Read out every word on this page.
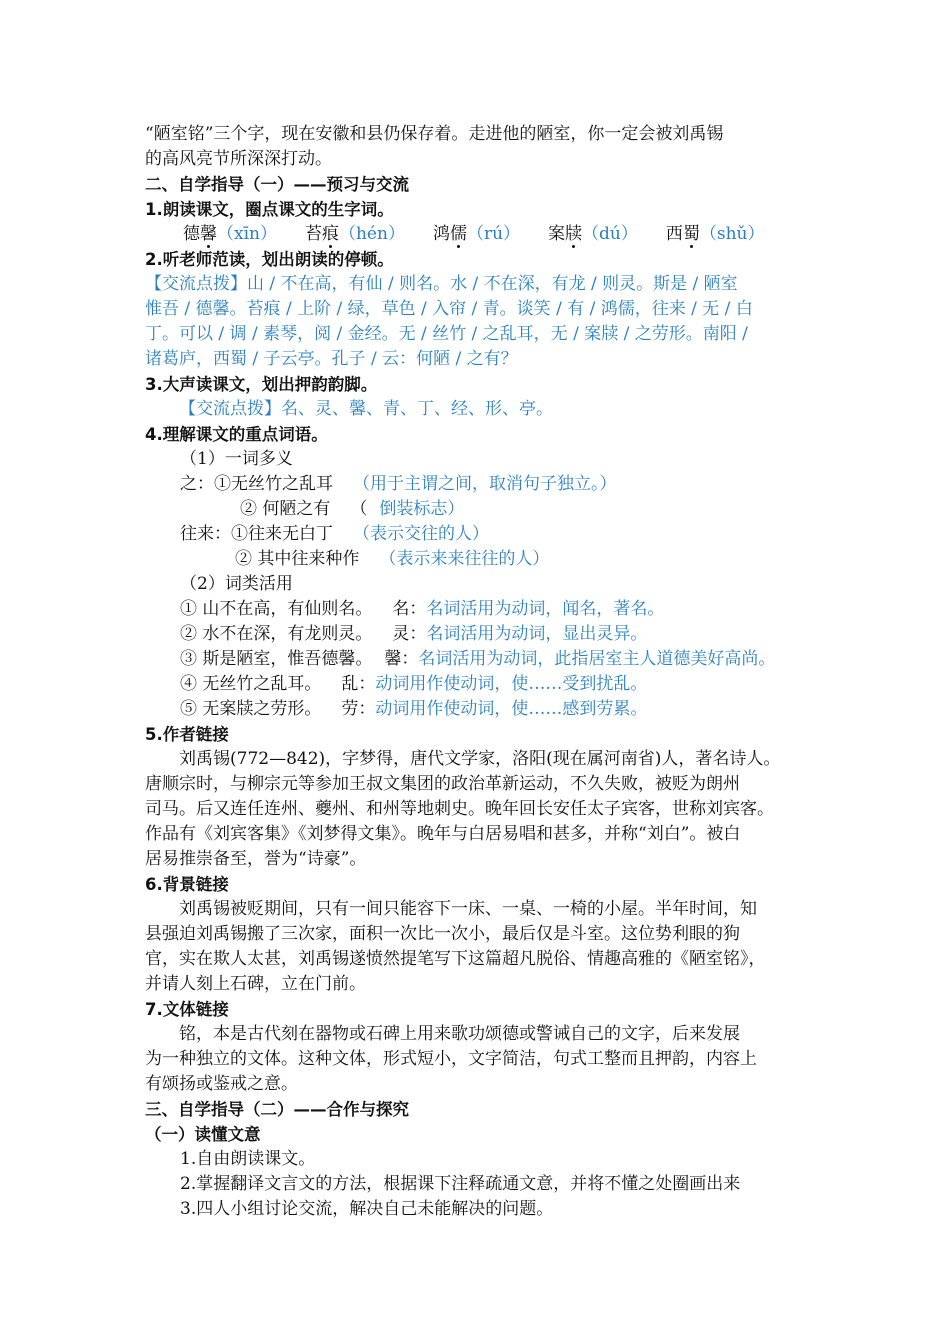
“陋室铭”三个字，现在安徽和县仍保存着。走进他的陋室，你一定会被刘禹锡

的高风亮节所深深打动。

二、自学指导（一）——预习与交流

1.朗读课文，圈点课文的生字词。

德馨（xīn） 苔痕（hén） 鸿儒（rú） 案牍（dú） 西蜀（shǔ）

2.听老师范读，划出朗读的停顿。

【交流点拨】山 / 不在高，有仙 / 则名。水 / 不在深，有龙 / 则灵。斯是 / 陋室

惟吾 / 德馨。苔痕 / 上阶 / 绿，草色 / 入帘 / 青。谈笑 / 有 / 鸿儒，往来 / 无 / 白

丁。可以 / 调 / 素琴，阅 / 金经。无 / 丝竹 / 之乱耳，无 / 案牍 / 之劳形。南阳 /

诸葛庐，西蜀 / 子云亭。孔子 / 云：何陋 / 之有？

3.大声读课文，划出押韵韵脚。

【交流点拨】名、灵、馨、青、丁、经、形、亭。

4.理解课文的重点词语。

（1）一词多义

之：①无丝竹之乱耳 （用于主谓之间，取消句子独立。）

② 何陋之有 （ 倒装标志）

往来：①往来无白丁 （表示交往的人）

② 其中往来种作 （表示来来往往的人）

（2）词类活用

① 山不在高，有仙则名。 名：名词活用为动词，闻名，著名。

② 水不在深，有龙则灵。 灵：名词活用为动词，显出灵异。

③ 斯是陋室，惟吾德馨。 馨：名词活用为动词，此指居室主人道德美好高尚。

④ 无丝竹之乱耳。 乱：动词用作使动词，使……受到扰乱。

⑤ 无案牍之劳形。 劳：动词用作使动词，使……感到劳累。

5.作者链接

刘禹锡(772—842)，字梦得，唐代文学家，洛阳(现在属河南省)人，著名诗人。

唐顺宗时，与柳宗元等参加王叔文集团的政治革新运动，不久失败，被贬为朗州

司马。后又连任连州、夔州、和州等地刺史。晚年回长安任太子宾客，世称刘宾客。

作品有《刘宾客集》《刘梦得文集》。晚年与白居易唱和甚多，并称“刘白”。被白

居易推崇备至，誉为“诗豪”。

6.背景链接

刘禹锡被贬期间，只有一间只能容下一床、一桌、一椅的小屋。半年时间，知

县强迫刘禹锡搬了三次家，面积一次比一次小，最后仅是斗室。这位势利眼的狗

官，实在欺人太甚，刘禹锡遂愤然提笔写下这篇超凡脱俗、情趣高雅的《陋室铭》，

并请人刻上石碑，立在门前。

7.文体链接

铭，本是古代刻在器物或石碑上用来歌功颂德或警诫自己的文字，后来发展

为一种独立的文体。这种文体，形式短小，文字简洁，句式工整而且押韵，内容上

有颂扬或鉴戒之意。

三、自学指导（二）——合作与探究

（一）读懂文意

1.自由朗读课文。

2.掌握翻译文言文的方法，根据课下注释疏通文意，并将不懂之处圈画出来

3.四人小组讨论交流，解决自己未能解决的问题。
